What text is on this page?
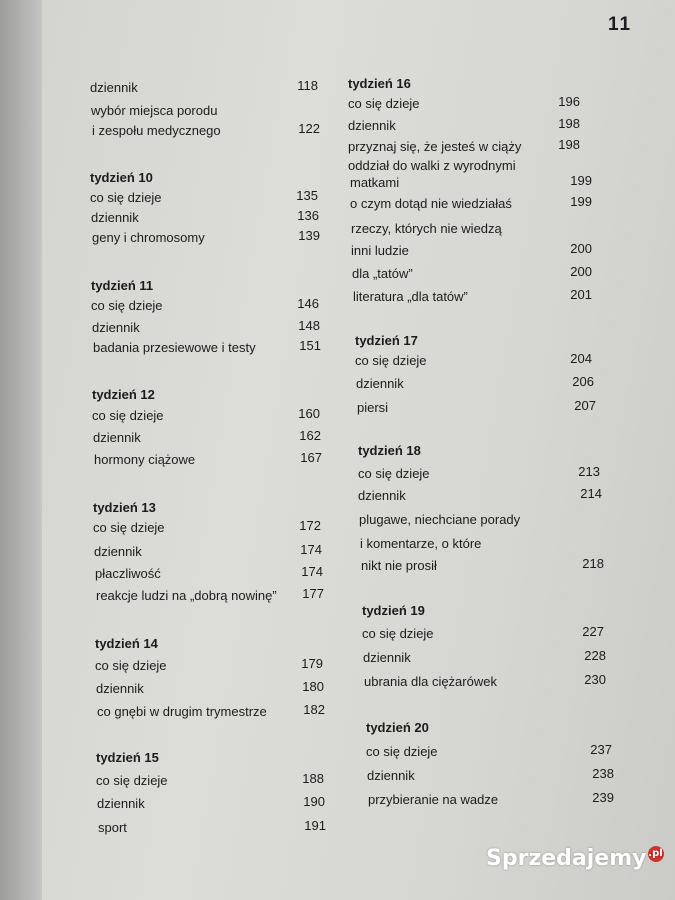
11
dziennik	118
wybór miejsca porodu
i zespołu medycznego	122
tydzień 10
co się dzieje	135
dziennik	136
geny i chromosomy	139
tydzień 11
co się dzieje	146
dziennik	148
badania przesiewowe i testy	151
tydzień 12
co się dzieje	160
dziennik	162
hormony ciążowe	167
tydzień 13
co się dzieje	172
dziennik	174
płaczliwość	174
reakcje ludzi na „dobrą nowinę”	177
tydzień 14
co się dzieje	179
dziennik	180
co gnębi w drugim trymestrze	182
tydzień 15
co się dzieje	188
dziennik	190
sport	191
tydzień 16
co się dzieje	196
dziennik	198
przyznaj się, że jesteś w ciąży	198
oddział do walki z wyrodnymi
matkami	199
o czym dotąd nie wiedziałaś	199
rzeczy, których nie wiedzą
inni ludzie	200
dla „tatów”	200
literatura „dla tatów”	201
tydzień 17
co się dzieje	204
dziennik	206
piersi	207
tydzień 18
co się dzieje	213
dziennik	214
plugawe, niechciane porady
i komentarze, o które
nikt nie prosił	218
tydzień 19
co się dzieje	227
dziennik	228
ubrania dla ciężarówek	230
tydzień 20
co się dzieje	237
dziennik	238
przybieranie na wadze	239
Sprzedajemy .pl
